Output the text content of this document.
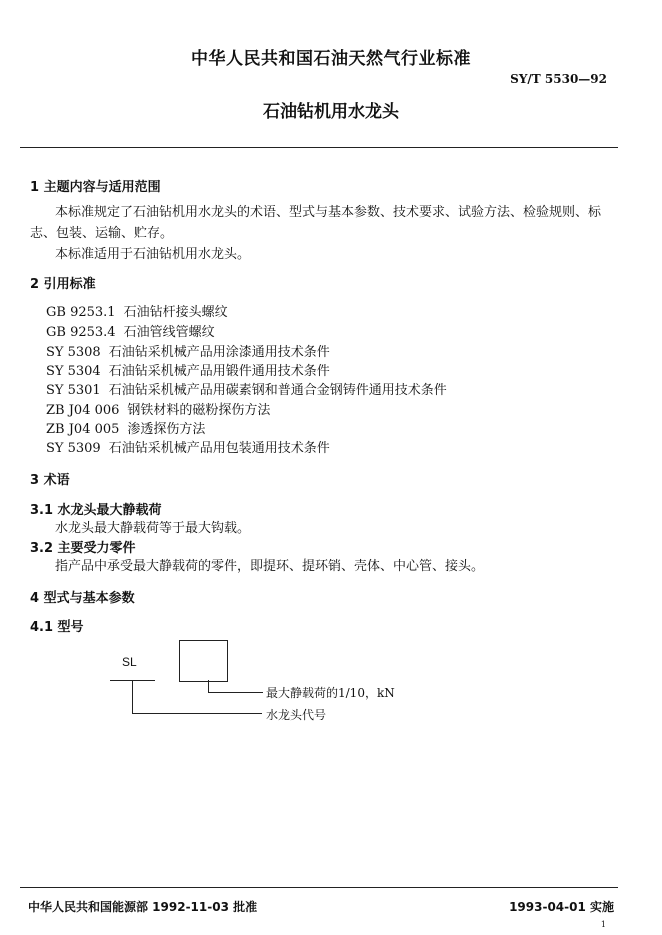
中华人民共和国石油天然气行业标准
SY/T 5530—92
石油钻机用水龙头
1 主题内容与适用范围
本标准规定了石油钻机用水龙头的术语、型式与基本参数、技术要求、试验方法、检验规则、标
志、包装、运输、贮存。
本标准适用于石油钻机用水龙头。
2 引用标准
GB 9253.1 石油钻杆接头螺纹
GB 9253.4 石油管线管螺纹
SY 5308 石油钻采机械产品用涂漆通用技术条件
SY 5304 石油钻采机械产品用锻件通用技术条件
SY 5301 石油钻采机械产品用碳素钢和普通合金钢铸件通用技术条件
ZB J04 006 钢铁材料的磁粉探伤方法
ZB J04 005 渗透探伤方法
SY 5309 石油钻采机械产品用包装通用技术条件
3 术语
3.1 水龙头最大静载荷
水龙头最大静载荷等于最大钩载。
3.2 主要受力零件
指产品中承受最大静载荷的零件，即提环、提环销、壳体、中心管、接头。
4 型式与基本参数
4.1 型号
SL
最大静载荷的1/10，kN
水龙头代号
中华人民共和国能源部 1992-11-03 批准	1993-04-01 实施
1
